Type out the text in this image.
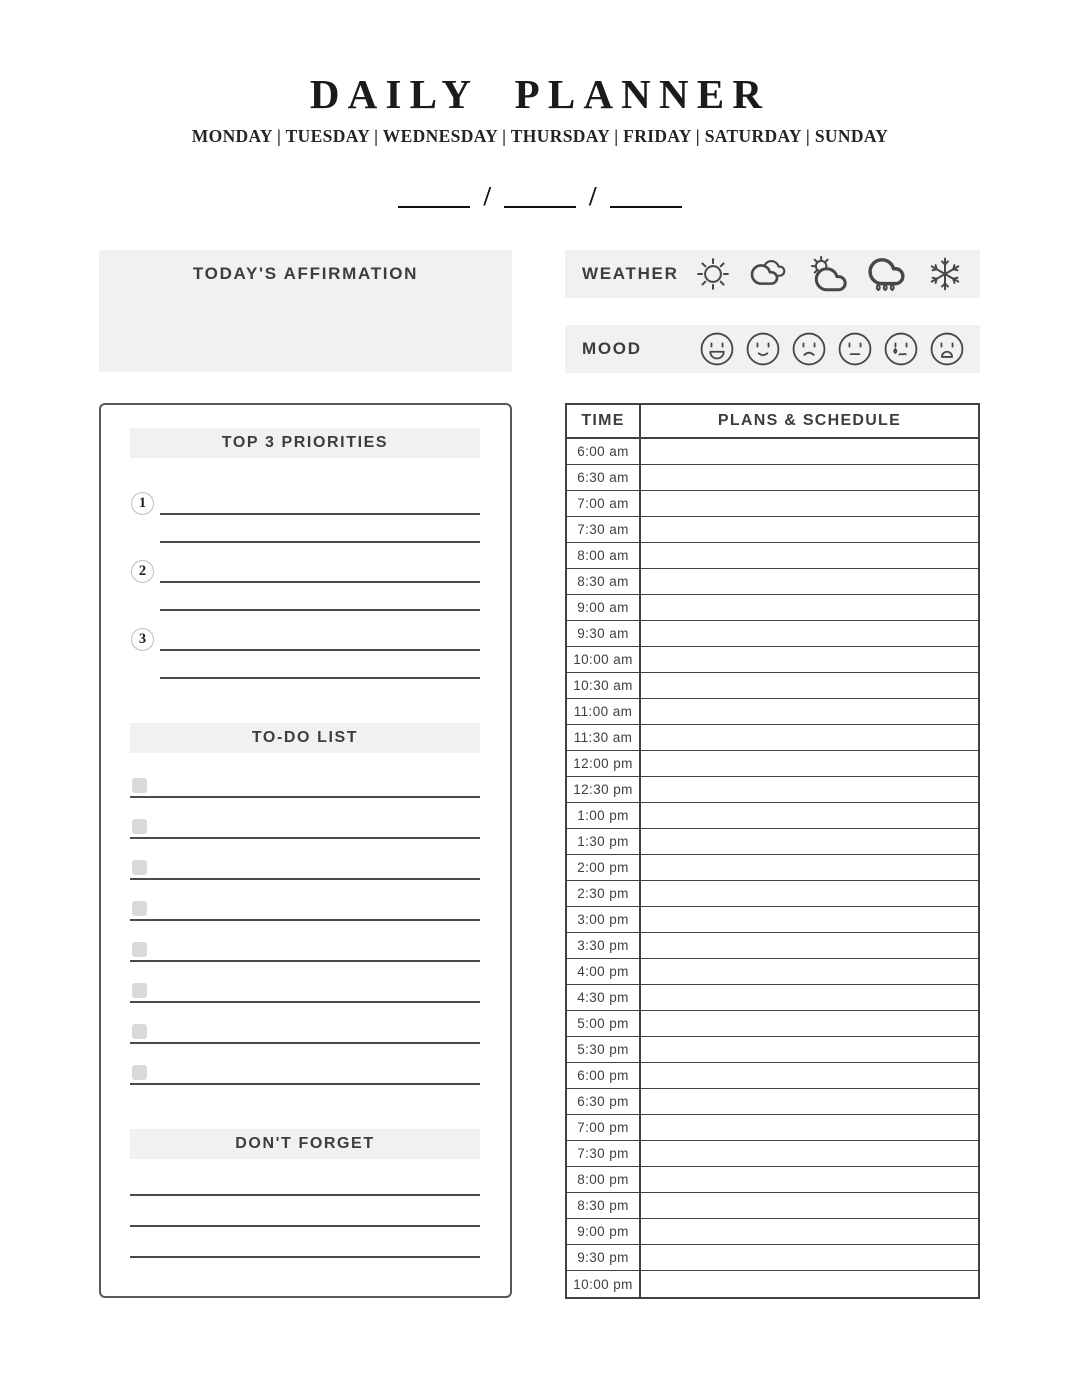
DAILY PLANNER
MONDAY | TUESDAY | WEDNESDAY | THURSDAY | FRIDAY | SATURDAY | SUNDAY
/	/
TODAY'S AFFIRMATION	WEATHER
MOOD
TOP 3 PRIORITIES
1
2
3
TO-DO LIST
DON'T FORGET
TIME	PLANS & SCHEDULE
6:00 am
6:30 am
7:00 am
7:30 am
8:00 am
8:30 am
9:00 am
9:30 am
10:00 am
10:30 am
11:00 am
11:30 am
12:00 pm
12:30 pm
1:00 pm
1:30 pm
2:00 pm
2:30 pm
3:00 pm
3:30 pm
4:00 pm
4:30 pm
5:00 pm
5:30 pm
6:00 pm
6:30 pm
7:00 pm
7:30 pm
8:00 pm
8:30 pm
9:00 pm
9:30 pm
10:00 pm
